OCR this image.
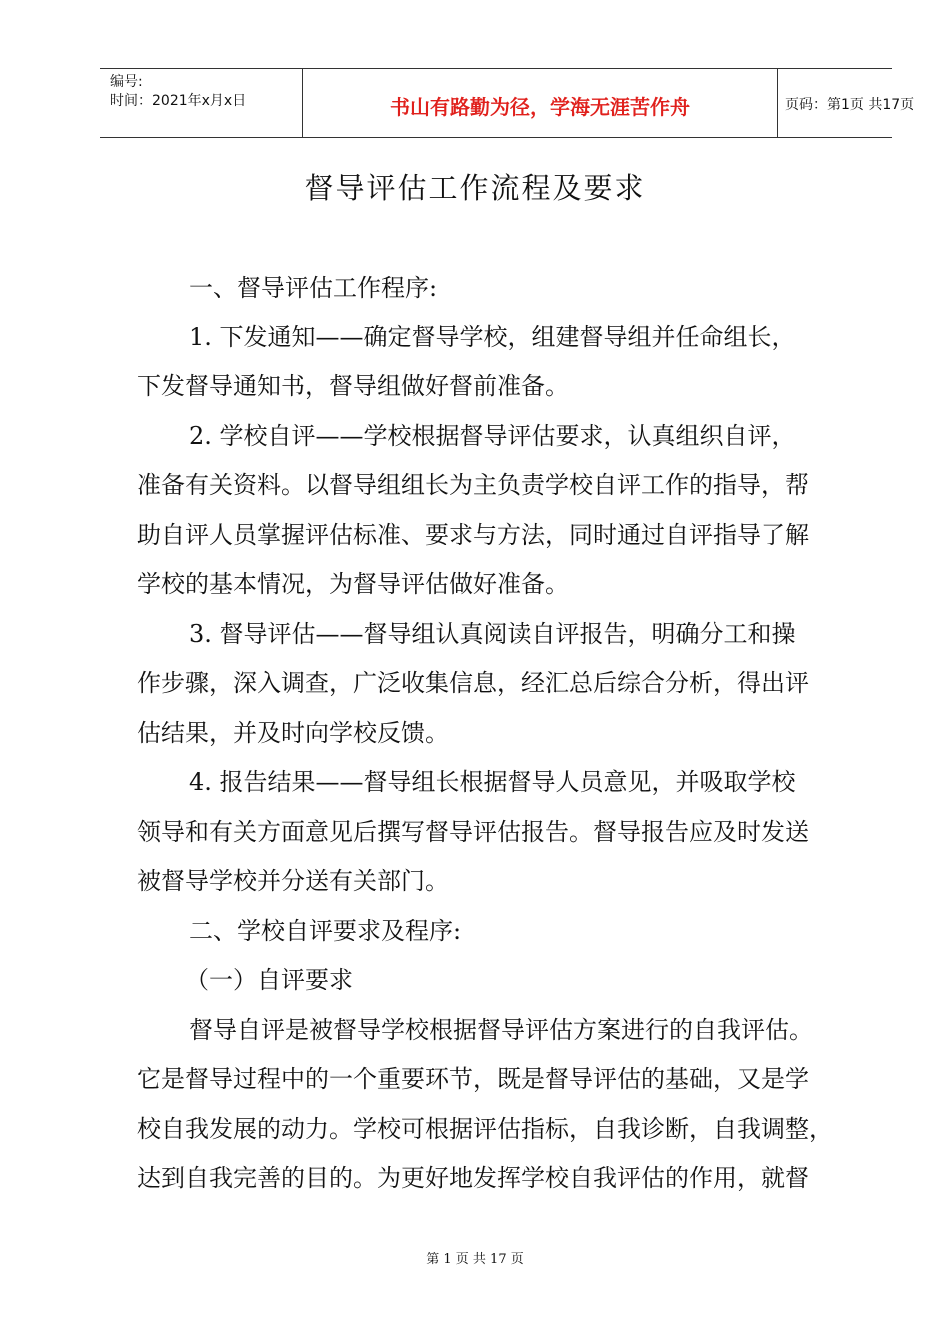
编号:
时间：2021年x月x日	书山有路勤为径，学海无涯苦作舟	页码：第1页 共17页
督导评估工作流程及要求
一、督导评估工作程序:
1. 下发通知——确定督导学校，组建督导组并任命组长，
下发督导通知书，督导组做好督前准备。
2. 学校自评——学校根据督导评估要求，认真组织自评，
准备有关资料。以督导组组长为主负责学校自评工作的指导，帮
助自评人员掌握评估标准、要求与方法，同时通过自评指导了解
学校的基本情况，为督导评估做好准备。
3. 督导评估——督导组认真阅读自评报告，明确分工和操
作步骤，深入调查，广泛收集信息，经汇总后综合分析，得出评
估结果，并及时向学校反馈。
4. 报告结果——督导组长根据督导人员意见，并吸取学校
领导和有关方面意见后撰写督导评估报告。督导报告应及时发送
被督导学校并分送有关部门。
二、学校自评要求及程序:
（一）自评要求
督导自评是被督导学校根据督导评估方案进行的自我评估。
它是督导过程中的一个重要环节，既是督导评估的基础，又是学
校自我发展的动力。学校可根据评估指标，自我诊断，自我调整，
达到自我完善的目的。为更好地发挥学校自我评估的作用，就督
第 1 页 共 17 页
